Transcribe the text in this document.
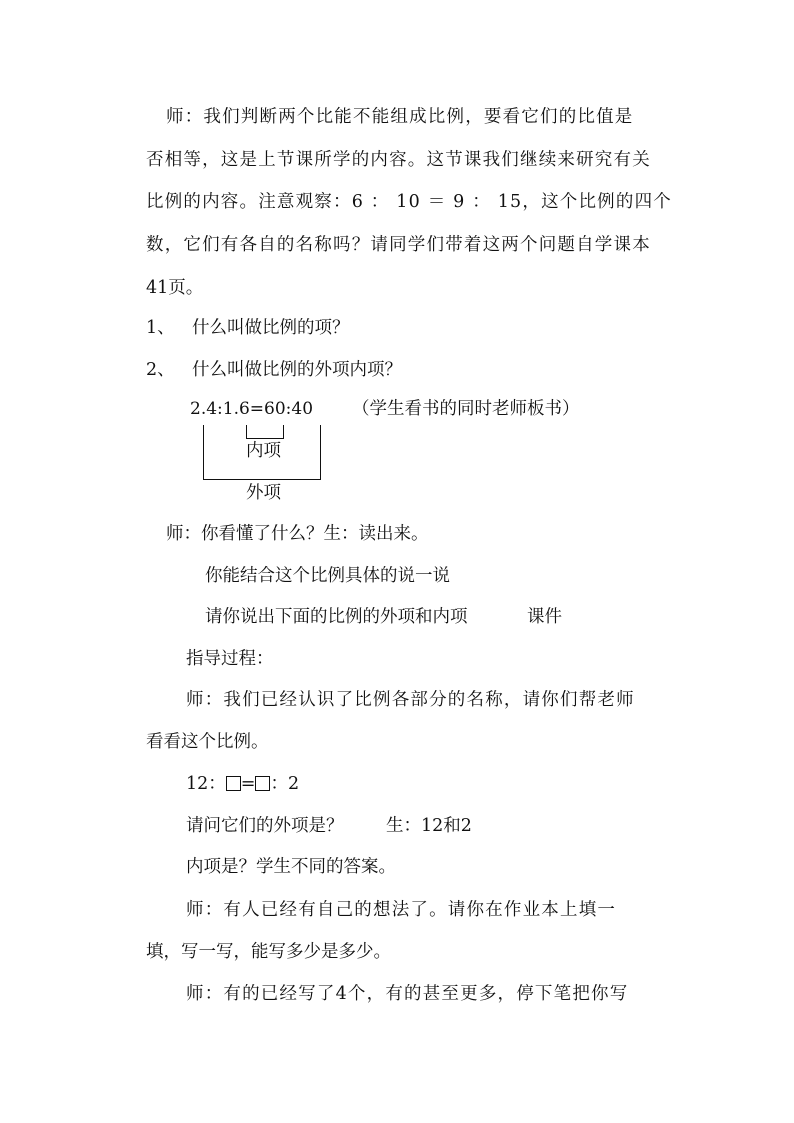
师：我们判断两个比能不能组成比例，要看它们的比值是
否相等，这是上节课所学的内容。这节课我们继续来研究有关
比例的内容。注意观察：6 ： 10 ＝ 9 ： 15，这个比例的四个
数，它们有各自的名称吗？请同学们带着这两个问题自学课本
41页。
1、 什么叫做比例的项？
2、 什么叫做比例的外项内项？
2.4:1.6=60:40 （学生看书的同时老师板书）
内项
外项
师：你看懂了什么？生：读出来。
你能结合这个比例具体的说一说
请你说出下面的比例的外项和内项	课件
指导过程：
师：我们已经认识了比例各部分的名称，请你们帮老师
看看这个比例。
12： = ：2
请问它们的外项是？ 生：12和2
内项是？学生不同的答案。
师：有人已经有自己的想法了。请你在作业本上填一
填，写一写，能写多少是多少。
师：有的已经写了4个，有的甚至更多，停下笔把你写
